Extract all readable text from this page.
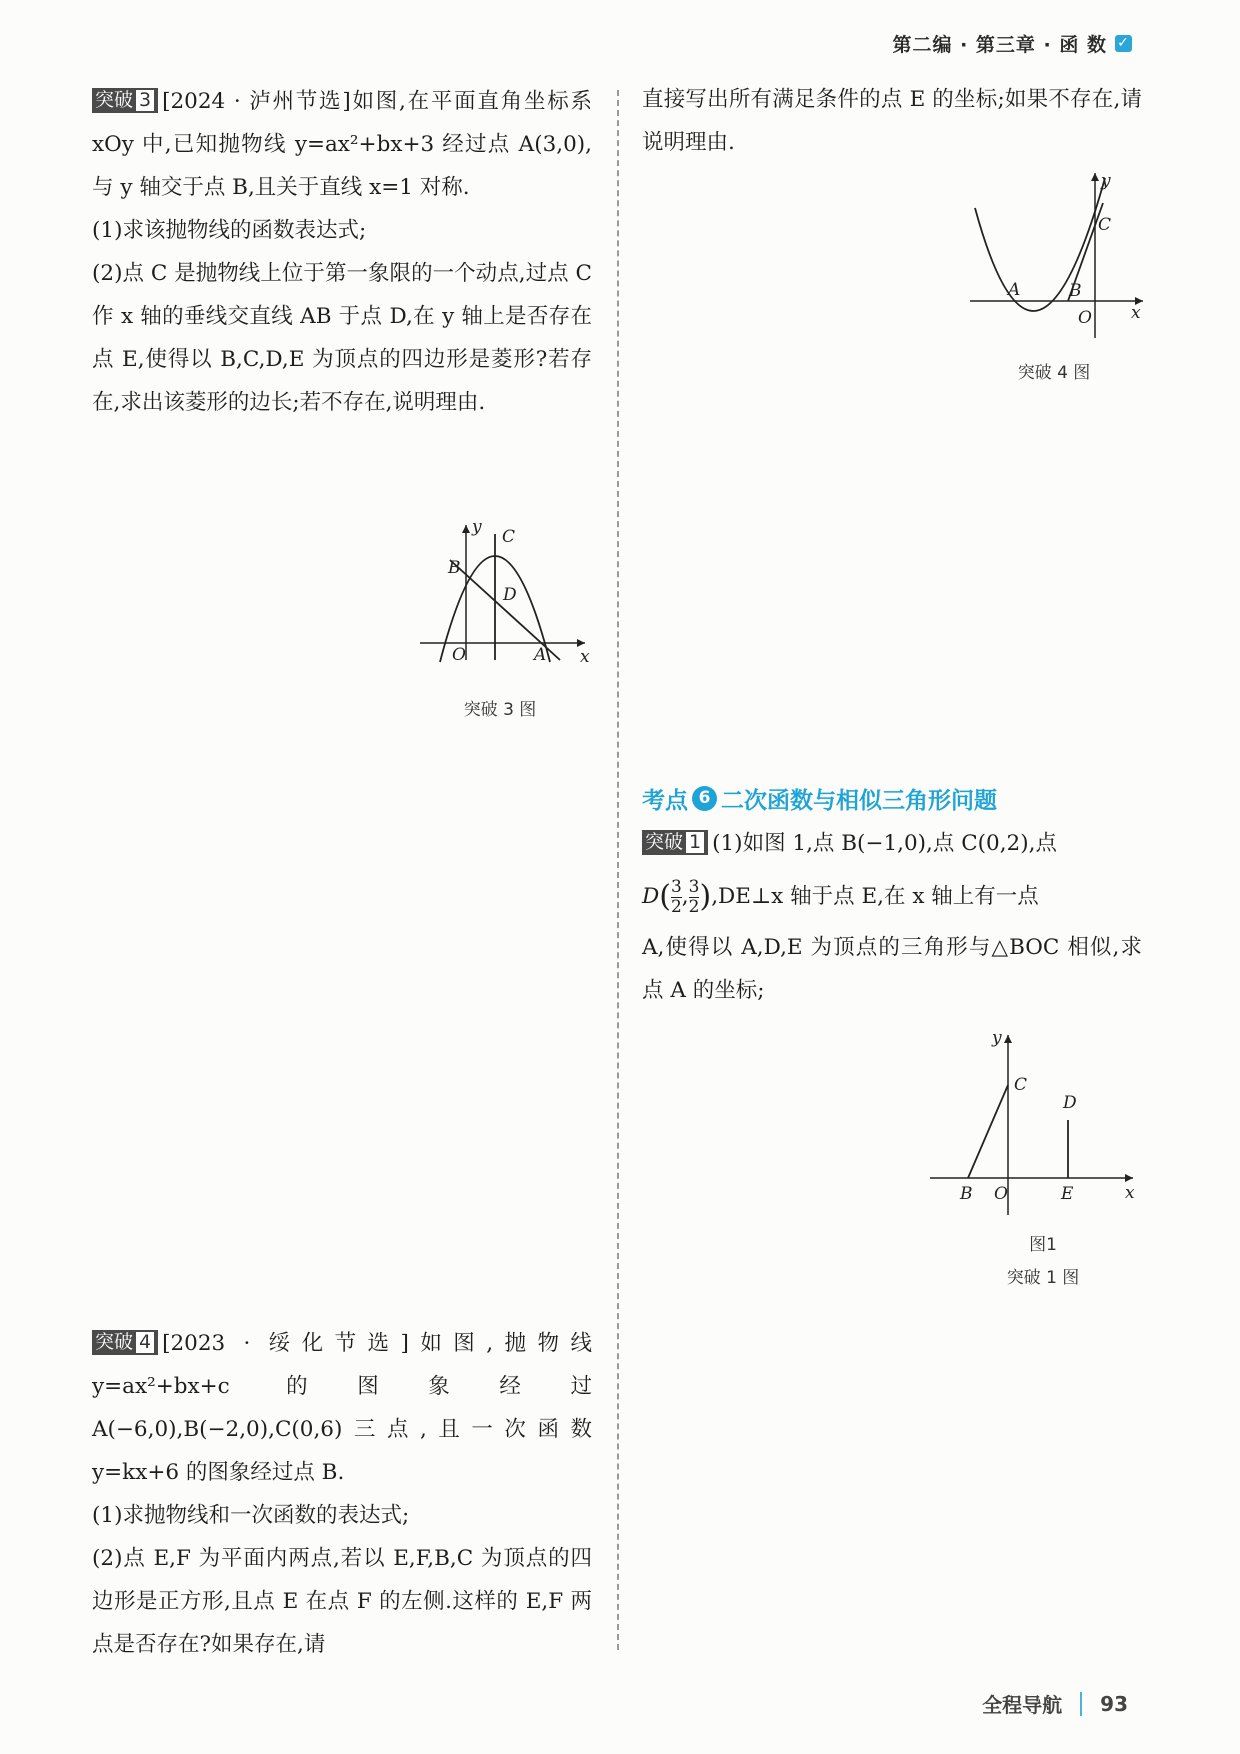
第二编 · 第三章 · 函 数 ✓

突破 3 [2024 · 泸州节选]如图,在平面直角坐标系 xOy 中,已知抛物线 y=ax²+bx+3 经过点 A(3,0),与 y 轴交于点 B,且关于直线 x=1 对称.

(1)求该抛物线的函数表达式;

(2)点 C 是抛物线上位于第一象限的一个动点,过点 C 作 x 轴的垂线交直线 AB 于点 D,在 y 轴上是否存在点 E,使得以 B,C,D,E 为顶点的四边形是菱形?若存在,求出该菱形的边长;若不存在,说明理由.

y
x
B
C
D
O	A
突破 3 图

突破 4 [2023 · 绥化节选]如图,抛物线 y=ax²+bx+c 的图象经过 A(−6,0),B(−2,0),C(0,6)三点,且一次函数 y=kx+6 的图象经过点 B.

(1)求抛物线和一次函数的表达式;

(2)点 E,F 为平面内两点,若以 E,F,B,C 为顶点的四边形是正方形,且点 E 在点 F 的左侧.这样的 E,F 两点是否存在?如果存在,请

直接写出所有满足条件的点 E 的坐标;如果不存在,请说明理由.

y
x
A	B
C
O
突破 4 图
考点 6 二次函数与相似三角形问题

突破 1 (1)如图 1,点 B(−1,0),点 C(0,2),点

$D( \frac{3}{2}$ , $\frac{3}{2}$ ),DE⊥x 轴于点 E,在 x 轴上有一点

A,使得以 A,D,E 为顶点的三角形与△BOC 相似,求点 A 的坐标;

y
x
C
D
B O	E
图1
突破 1 图
全程导航 93
